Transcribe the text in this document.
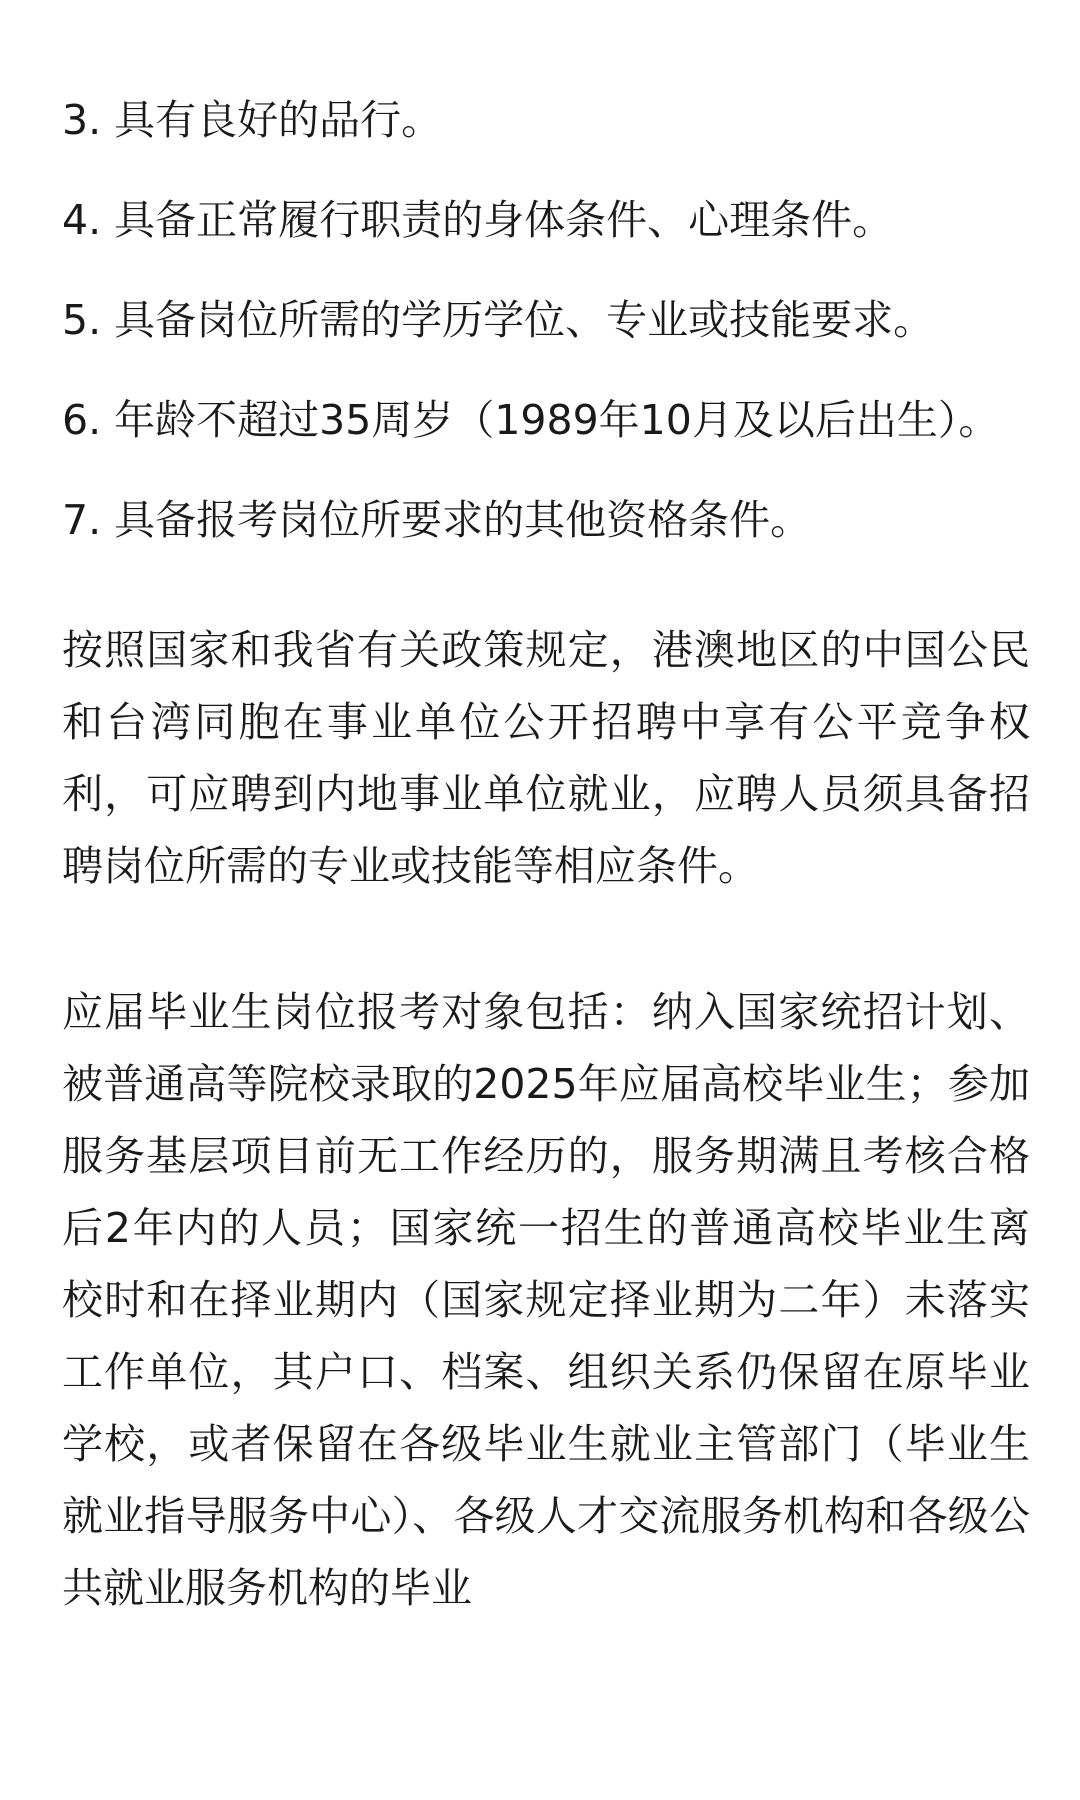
3. 具有良好的品行。

4. 具备正常履行职责的身体条件、心理条件。

5. 具备岗位所需的学历学位、专业或技能要求。

6. 年龄不超过35周岁（1989年10月及以后出生）。

7. 具备报考岗位所要求的其他资格条件。

按照国家和我省有关政策规定，港澳地区的中国公民和台湾同胞在事业单位公开招聘中享有公平竞争权利，可应聘到内地事业单位就业，应聘人员须具备招聘岗位所需的专业或技能等相应条件。

应届毕业生岗位报考对象包括：纳入国家统招计划、被普通高等院校录取的2025年应届高校毕业生；参加服务基层项目前无工作经历的，服务期满且考核合格后2年内的人员；国家统一招生的普通高校毕业生离校时和在择业期内（国家规定择业期为二年）未落实工作单位，其户口、档案、组织关系仍保留在原毕业学校，或者保留在各级毕业生就业主管部门（毕业生就业指导服务中心）、各级人才交流服务机构和各级公共就业服务机构的毕业
